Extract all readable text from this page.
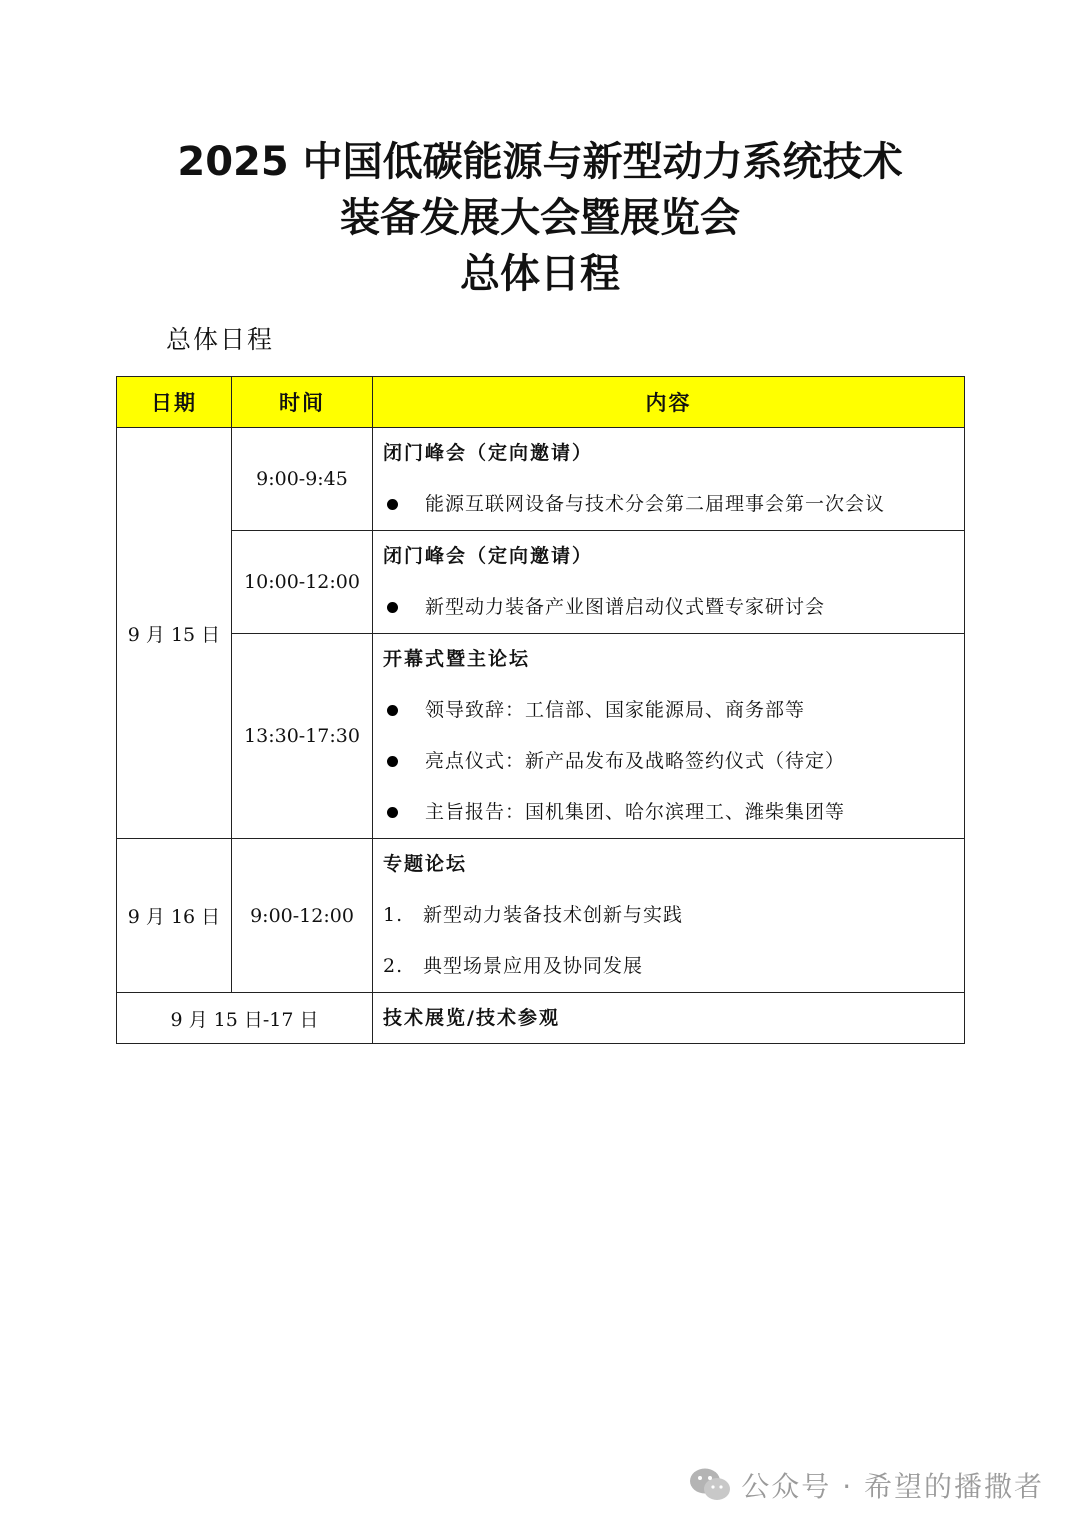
2025 中国低碳能源与新型动力系统技术
装备发展大会暨展览会
总体日程
总体日程
日期	时间	内容
9 月 15 日	9:00-9:45	闭门峰会（定向邀请）
能源互联网设备与技术分会第二届理事会第一次会议

	10:00-12:00	闭门峰会（定向邀请）
新型动力装备产业图谱启动仪式暨专家研讨会

	13:30-17:30	开幕式暨主论坛
领导致辞：工信部、国家能源局、商务部等
亮点仪式：新产品发布及战略签约仪式（待定）
主旨报告：国机集团、哈尔滨理工、潍柴集团等

9 月 16 日	9:00-12:00	专题论坛
1. 新型动力装备技术创新与实践
2. 典型场景应用及协同发展

9 月 15 日-17 日		技术展览/技术参观
公众号 · 希望的播撒者
